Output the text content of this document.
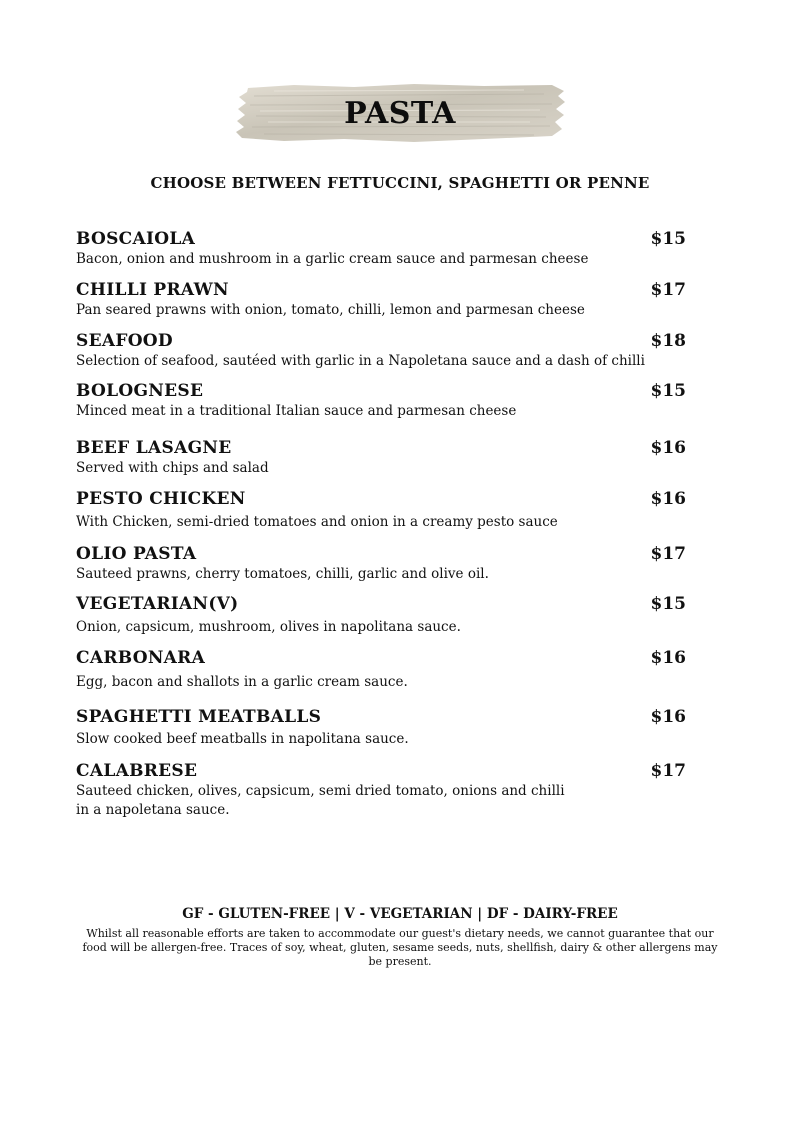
PASTA
CHOOSE BETWEEN FETTUCCINI, SPAGHETTI OR PENNE
BOSCAIOLA	$15
Bacon, onion and mushroom in a garlic cream sauce and parmesan cheese
CHILLI PRAWN	$17
Pan seared prawns with onion, tomato, chilli, lemon and parmesan cheese
SEAFOOD	$18
Selection of seafood, sautéed with garlic in a Napoletana sauce and a dash of chilli
BOLOGNESE	$15
Minced meat in a traditional Italian sauce and parmesan cheese
BEEF LASAGNE	$16
Served with chips and salad
PESTO CHICKEN	$16
With Chicken, semi-dried tomatoes and onion in a creamy pesto sauce
OLIO PASTA	$17
Sauteed prawns, cherry tomatoes, chilli, garlic and olive oil.
VEGETARIAN(V)	$15
Onion, capsicum, mushroom, olives in napolitana sauce.
CARBONARA	$16
Egg, bacon and shallots in a garlic cream sauce.
SPAGHETTI MEATBALLS	$16
Slow cooked beef meatballs in napolitana sauce.
CALABRESE	$17
Sauteed chicken, olives, capsicum, semi dried tomato, onions and chilli in a napoletana sauce.
GF - GLUTEN-FREE | V - VEGETARIAN | DF - DAIRY-FREE
Whilst all reasonable efforts are taken to accommodate our guest's dietary needs, we cannot guarantee that our food will be allergen-free. Traces of soy, wheat, gluten, sesame seeds, nuts, shellfish, dairy & other allergens may be present.
